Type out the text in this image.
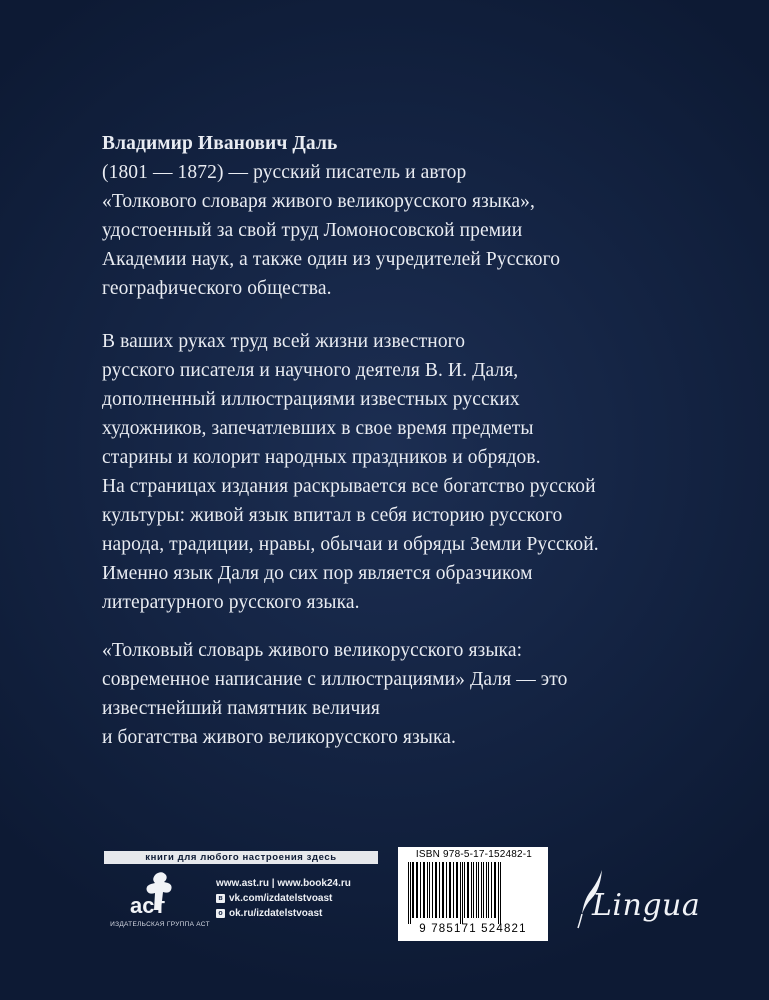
Владимир Иванович Даль
(1801 — 1872) — русский писатель и автор
«Толкового словаря живого великорусского языка»,
удостоенный за свой труд Ломоносовской премии
Академии наук, а также один из учредителей Русского
географического общества.
В ваших руках труд всей жизни известного
русского писателя и научного деятеля В. И. Даля,
дополненный иллюстрациями известных русских
художников, запечатлевших в свое время предметы
старины и колорит народных праздников и обрядов.
На страницах издания раскрывается все богатство русской
культуры: живой язык впитал в себя историю русского
народа, традиции, нравы, обычаи и обряды Земли Русской.
Именно язык Даля до сих пор является образчиком
литературного русского языка.
«Толковый словарь живого великорусского языка:
современное написание с иллюстрациями» Даля — это
известнейший памятник величия
и богатства живого великорусского языка.
книги для любого настроения здесь
аст
ИЗДАТЕЛЬСКАЯ ГРУППА АСТ
www.ast.ru | www.book24.ru
в vk.com/izdatelstvoast
о ok.ru/izdatelstvoast
ISBN 978-5-17-152482-1
9 785171 524821
Lingua
